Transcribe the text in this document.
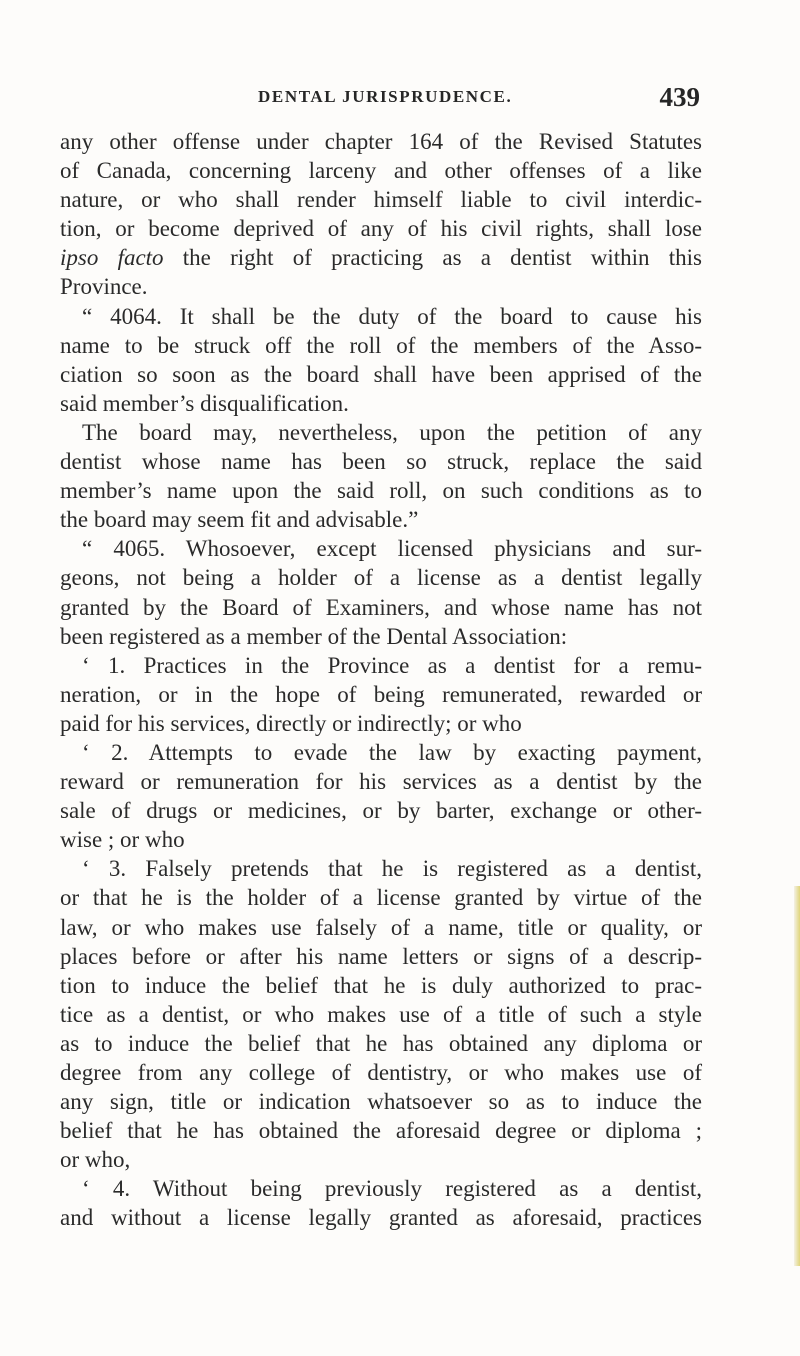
DENTAL JURISPRUDENCE.	439
any other offense under chapter 164 of the Revised Statutes
of Canada, concerning larceny and other offenses of a like
nature, or who shall render himself liable to civil interdic-
tion, or become deprived of any of his civil rights, shall lose
ipso facto the right of practicing as a dentist within this
Province.
“ 4064. It shall be the duty of the board to cause his
name to be struck off the roll of the members of the Asso-
ciation so soon as the board shall have been apprised of the
said member’s disqualification.
The board may, nevertheless, upon the petition of any
dentist whose name has been so struck, replace the said
member’s name upon the said roll, on such conditions as to
the board may seem fit and advisable.”
“ 4065. Whosoever, except licensed physicians and sur-
geons, not being a holder of a license as a dentist legally
granted by the Board of Examiners, and whose name has not
been registered as a member of the Dental Association:
‘ 1. Practices in the Province as a dentist for a remu-
neration, or in the hope of being remunerated, rewarded or
paid for his services, directly or indirectly; or who
‘ 2. Attempts to evade the law by exacting payment,
reward or remuneration for his services as a dentist by the
sale of drugs or medicines, or by barter, exchange or other-
wise ; or who
‘ 3. Falsely pretends that he is registered as a dentist,
or that he is the holder of a license granted by virtue of the
law, or who makes use falsely of a name, title or quality, or
places before or after his name letters or signs of a descrip-
tion to induce the belief that he is duly authorized to prac-
tice as a dentist, or who makes use of a title of such a style
as to induce the belief that he has obtained any diploma or
degree from any college of dentistry, or who makes use of
any sign, title or indication whatsoever so as to induce the
belief that he has obtained the aforesaid degree or diploma ;
or who,
‘ 4. Without being previously registered as a dentist,
and without a license legally granted as aforesaid, practices
